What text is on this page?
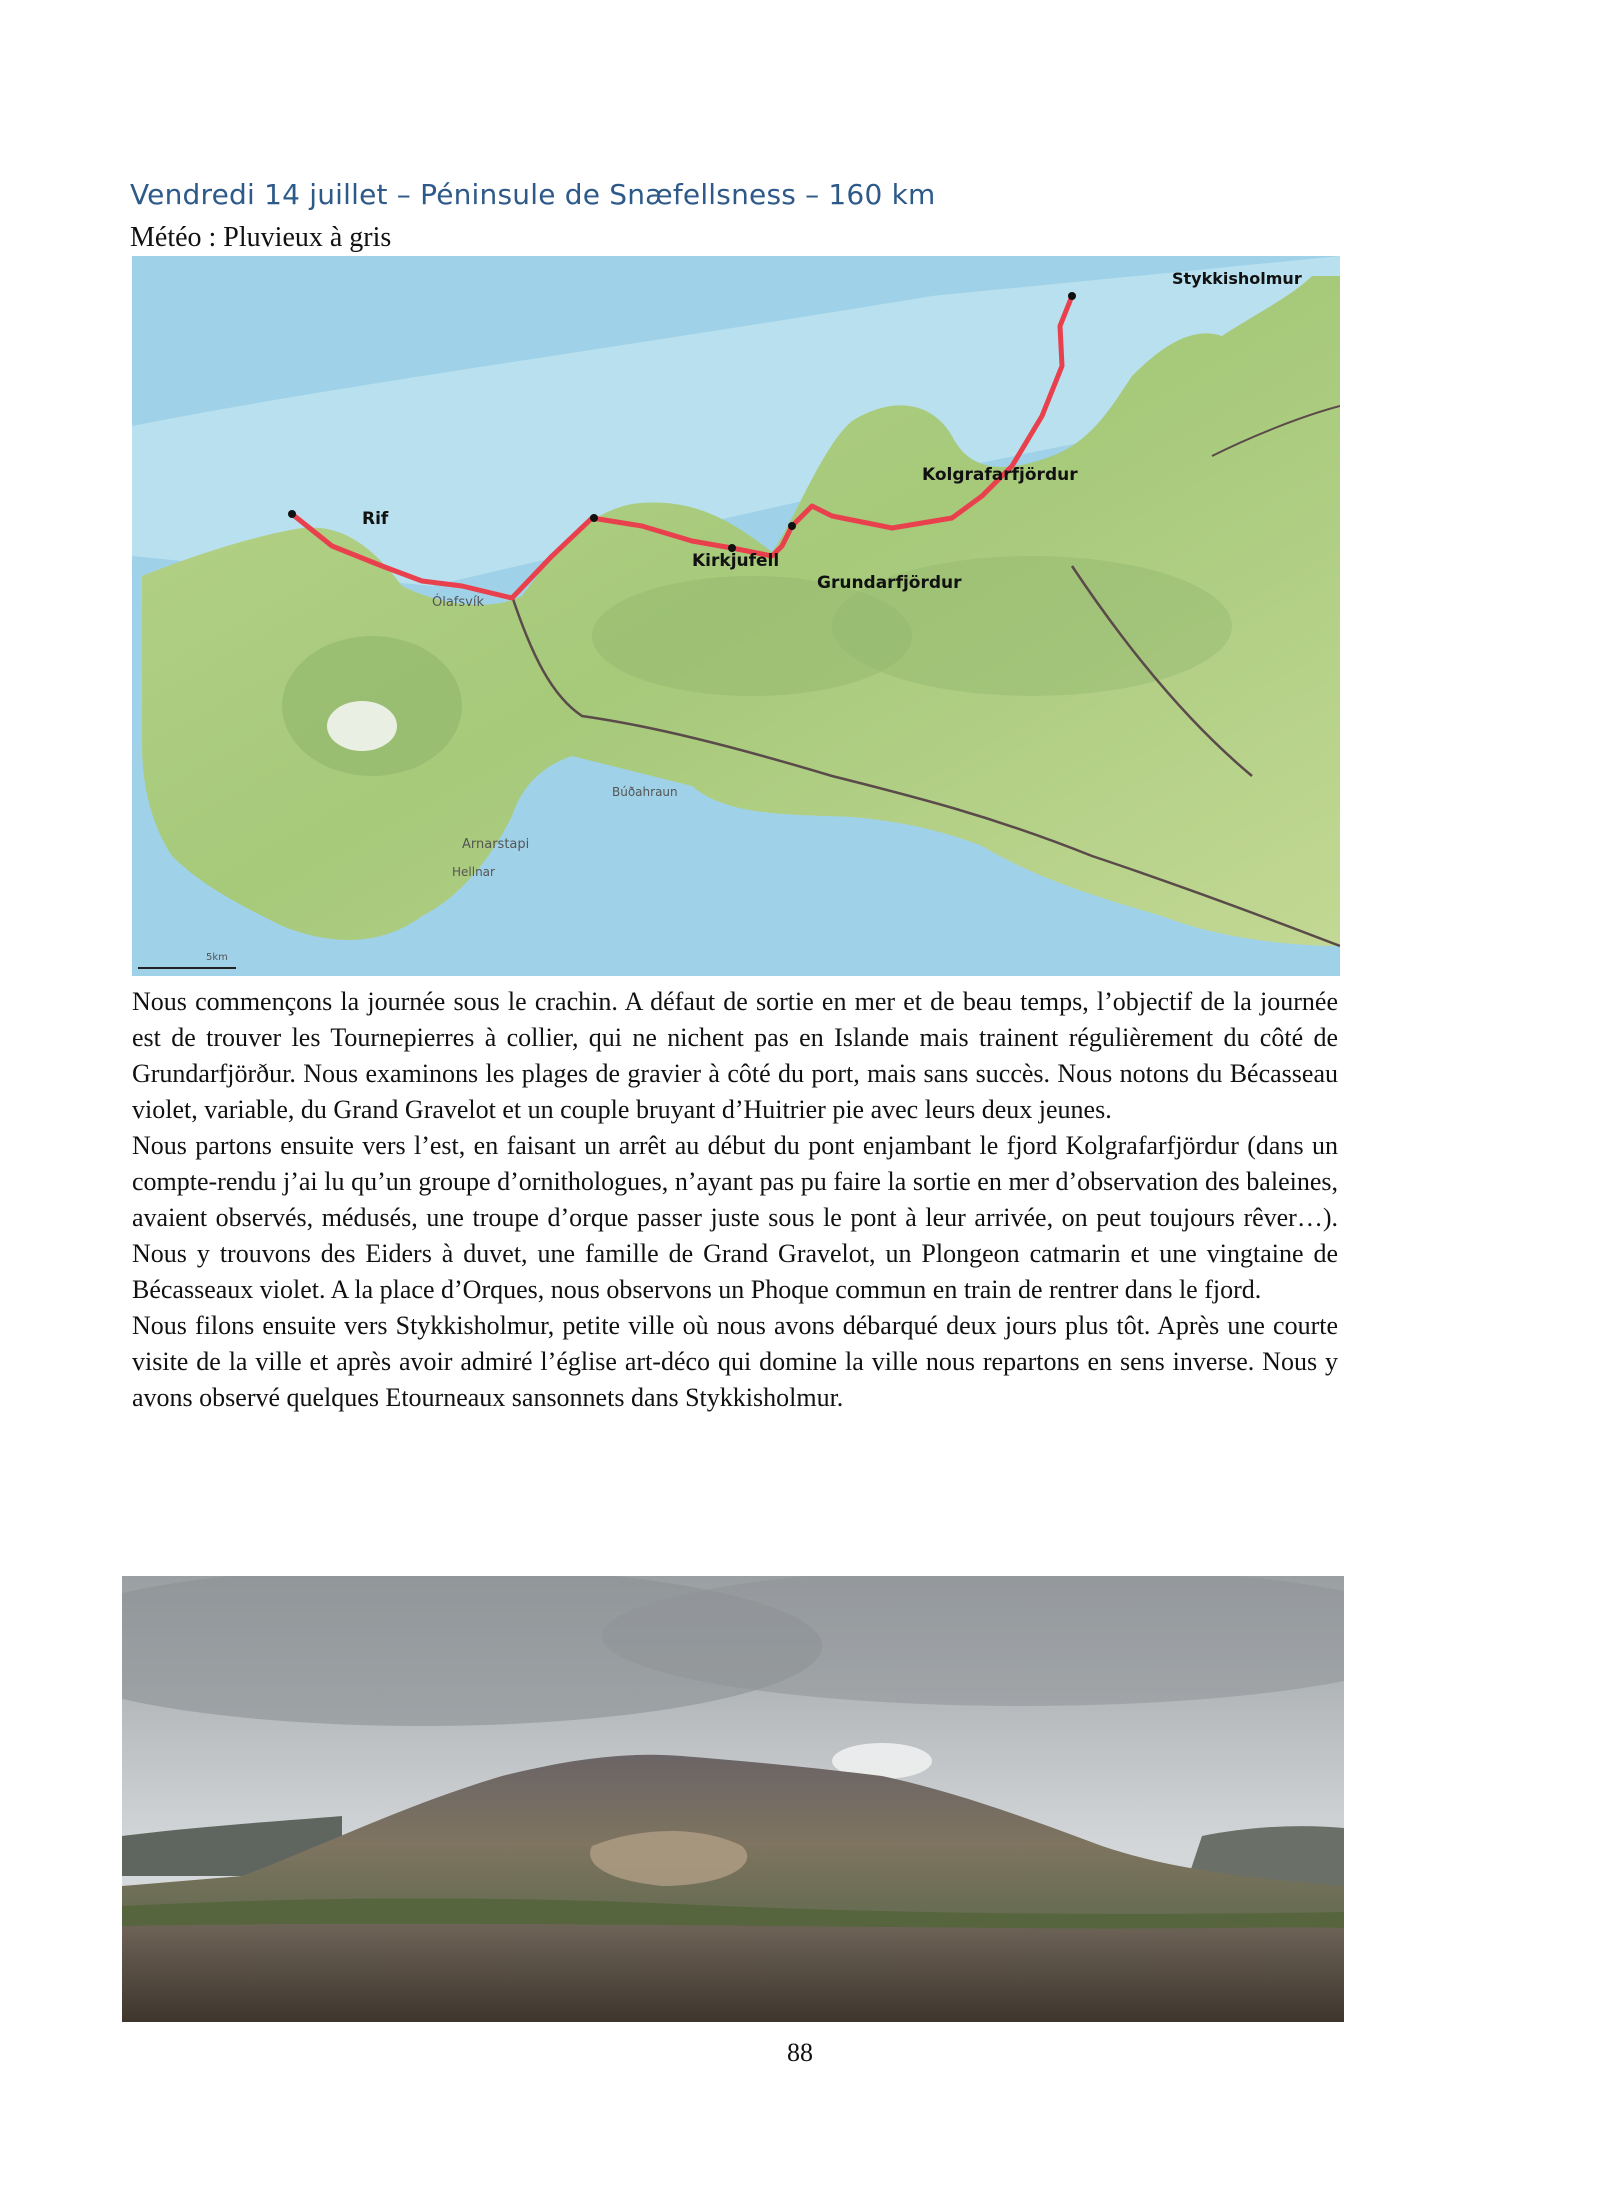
Vendredi 14 juillet – Péninsule de Snæfellsness – 160 km
Météo : Pluvieux à gris
Stykkisholmur
Kolgrafarfjördur
Rif
Kirkjufell
Grundarfjördur
Ólafsvík
Arnarstapi
Hellnar
Búðahraun
5km

Nous commençons la journée sous le crachin. A défaut de sortie en mer et de beau temps, l’objectif de la journée est de trouver les Tournepierres à collier, qui ne nichent pas en Islande mais trainent régulièrement du côté de Grundarfjörður. Nous examinons les plages de gravier à côté du port, mais sans succès. Nous notons du Bécasseau violet, variable, du Grand Gravelot et un couple bruyant d’Huitrier pie avec leurs deux jeunes.

Nous partons ensuite vers l’est, en faisant un arrêt au début du pont enjambant le fjord Kolgrafarfjördur (dans un compte-rendu j’ai lu qu’un groupe d’ornithologues, n’ayant pas pu faire la sortie en mer d’observation des baleines, avaient observés, médusés, une troupe d’orque passer juste sous le pont à leur arrivée, on peut toujours rêver…). Nous y trouvons des Eiders à duvet, une famille de Grand Gravelot, un Plongeon catmarin et une vingtaine de Bécasseaux violet. A la place d’Orques, nous observons un Phoque commun en train de rentrer dans le fjord.

Nous filons ensuite vers Stykkisholmur, petite ville où nous avons débarqué deux jours plus tôt. Après une courte visite de la ville et après avoir admiré l’église art-déco qui domine la ville nous repartons en sens inverse. Nous y avons observé quelques Etourneaux sansonnets dans Stykkisholmur.

88
